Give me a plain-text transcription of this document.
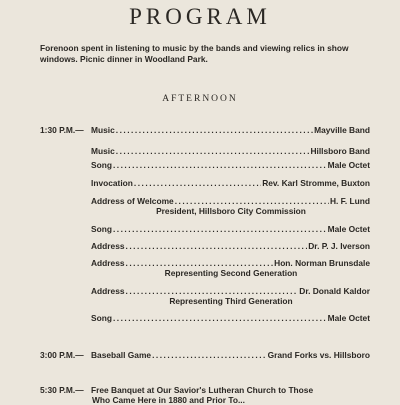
PROGRAM
Forenoon spent in listening to music by the bands and viewing relics in show windows. Picnic dinner in Woodland Park.
AFTERNOON
1:30 P.M.— Music .....	Mayville Band
Music .....	Hillsboro Band
Song .....	Male Octet
Invocation .....	Rev. Karl Stromme, Buxton
Address of Welcome .....	H. F. Lund
President, Hillsboro City Commission
Song .....	Male Octet
Address .....	Dr. P. J. Iverson
Address .....	Hon. Norman Brunsdale
Representing Second Generation
Address .....	Dr. Donald Kaldor
Representing Third Generation
Song .....	Male Octet
3:00 P.M.— Baseball Game .....	Grand Forks vs. Hillsboro
5:30 P.M.— Free Banquet at Our Savior's Lutheran Church to Those
Who Came Here in 1880 and Prior To...
